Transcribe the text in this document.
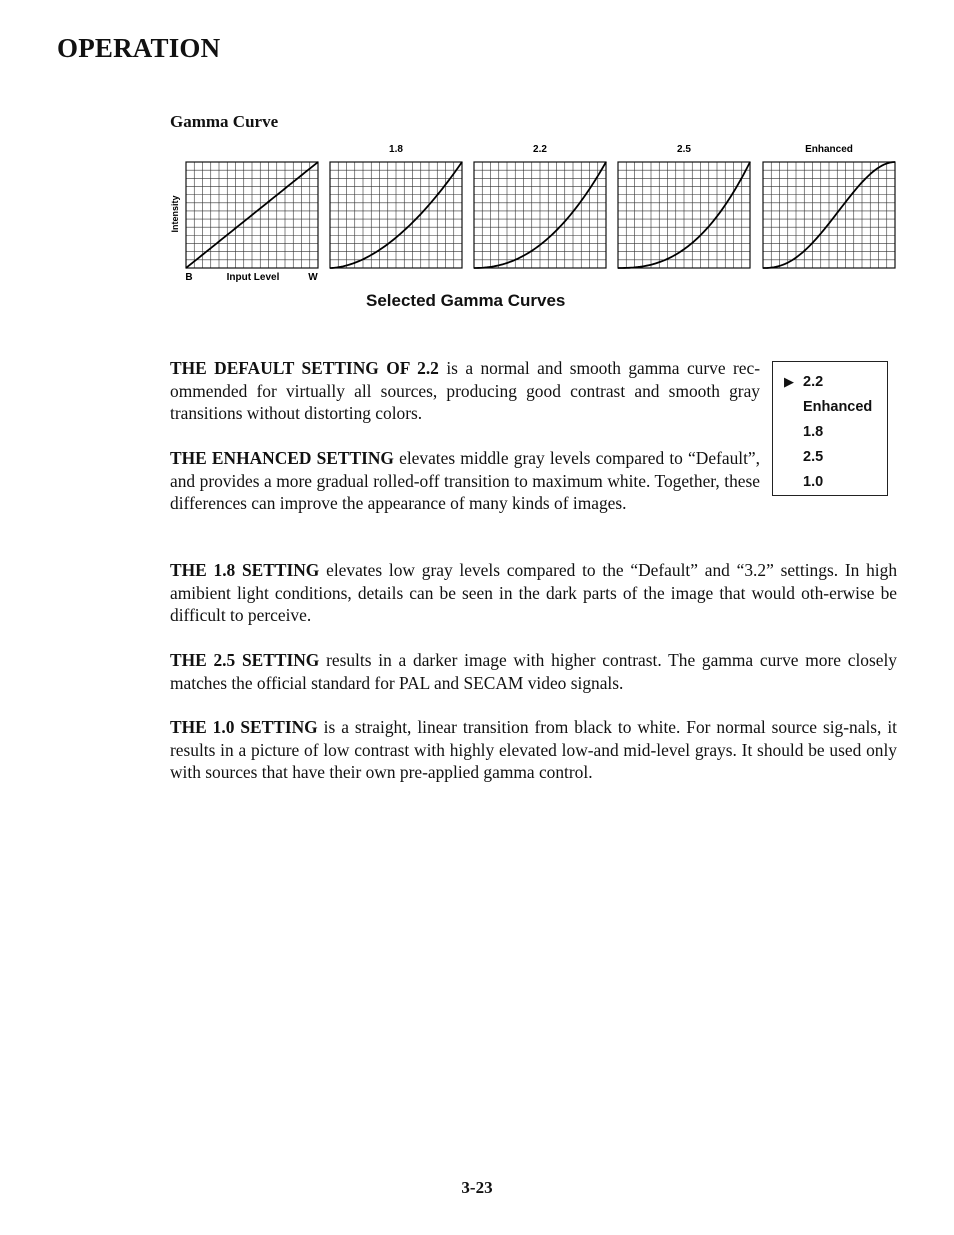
OPERATION
Gamma Curve
Intensity
B	Input Level	W
1.8	2.2	2.5	Enhanced
Selected Gamma Curves

THE DEFAULT SETTING OF 2.2 is a normal and smooth gamma curve rec-ommended for virtually all sources, producing good contrast and smooth gray transitions without distorting colors.

THE ENHANCED SETTING elevates middle gray levels compared to “Default”, and provides a more gradual rolled-off transition to maximum white. Together, these differences can improve the appearance of many kinds of images.

THE 1.8 SETTING elevates low gray levels compared to the “Default” and “3.2” settings. In high amibient light conditions, details can be seen in the dark parts of the image that would oth-erwise be difficult to perceive.

THE 2.5 SETTING results in a darker image with higher contrast. The gamma curve more closely matches the official standard for PAL and SECAM video signals.

THE 1.0 SETTING is a straight, linear transition from black to white. For normal source sig-nals, it results in a picture of low contrast with highly elevated low-and mid-level grays. It should be used only with sources that have their own pre-applied gamma control.

▶ 2.2
Enhanced
1.8
2.5
1.0
3-23
